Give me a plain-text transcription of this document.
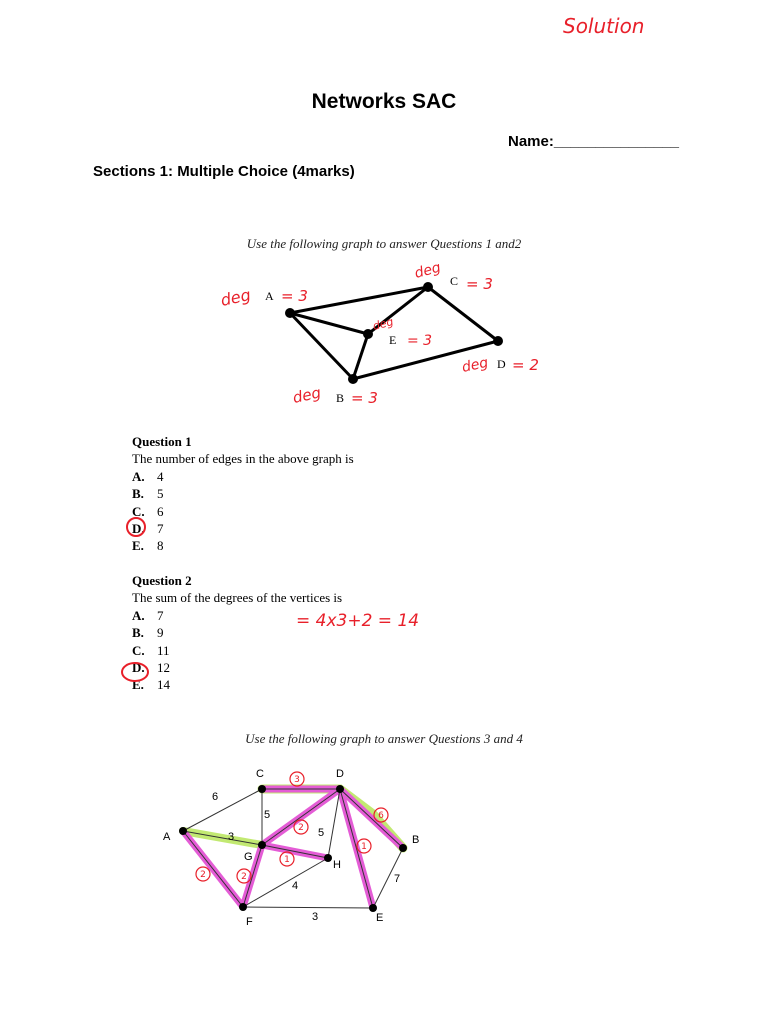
Solution
Networks SAC
Name:_______________
Sections 1: Multiple Choice (4marks)
Use the following graph to answer Questions 1 and2
A
C
E
B
D
deg = 3
deg
= 3
deg
= 3
deg = 2
deg = 3
Question 1
The number of edges in the above graph is
A. 4
B.	5
C. 6
D. 7
E.	8
Question 2
The sum of the degrees of the vertices is
A. 7
B.	9
C. 11
D. 12
E.	14
= 4x3+2 = 14
Use the following graph to answer Questions 3 and 4
A
C	D
G
H
B
F	E
6
3
5
5
4
3
7
3
2
1
2	2
1
6
